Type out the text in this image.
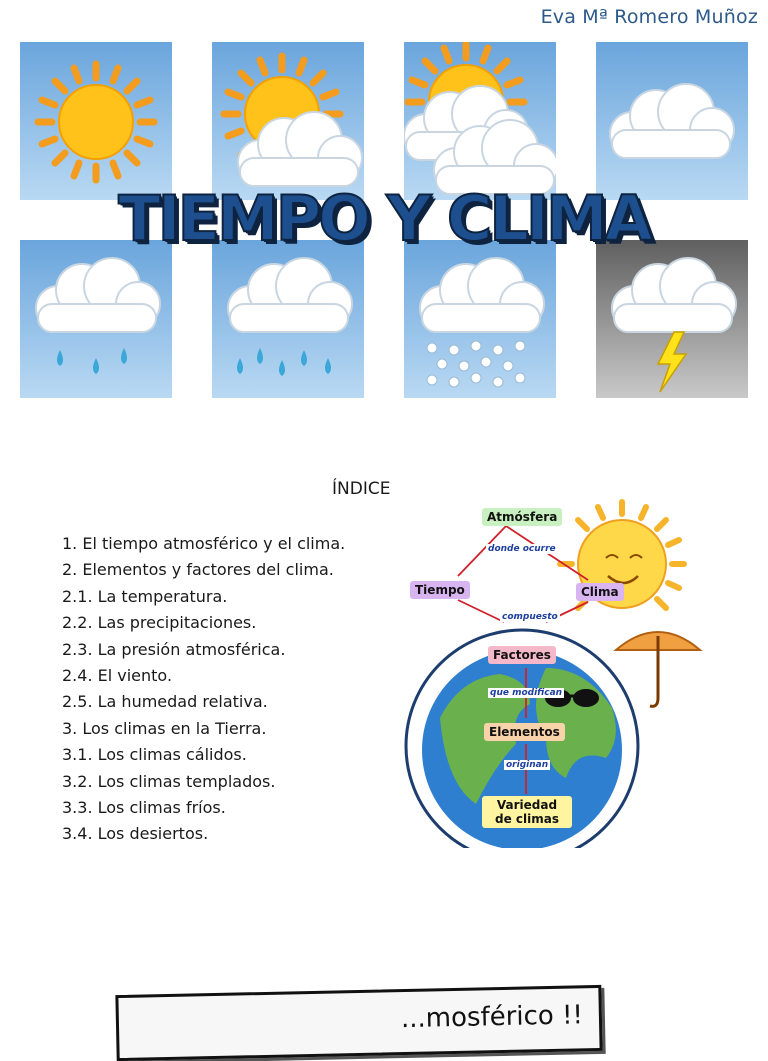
Eva Mª Romero Muñoz
TIEMPO Y CLIMA
ÍNDICE
1. El tiempo atmosférico y el clima.
2. Elementos y factores del clima.
2.1. La temperatura.
2.2. Las precipitaciones.
2.3. La presión atmosférica.
2.4. El viento.
2.5. La humedad relativa.
3. Los climas en la Tierra.
3.1. Los climas cálidos.
3.2. Los climas templados.
3.3. Los climas fríos.
3.4. Los desiertos.
Atmósfera
donde ocurre
Tiempo	Clima
compuesto
Factores
que modifican
Elementos
originan
Variedad de climas
...mosférico !!
